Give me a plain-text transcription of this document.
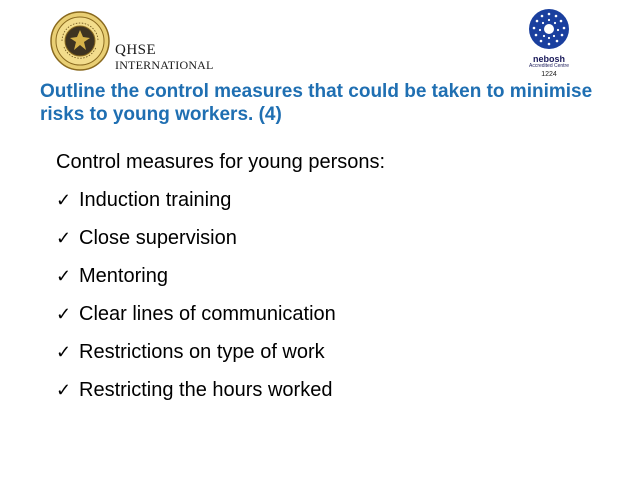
QHSE
INTERNATIONAL	nebosh
Accredited Centre
1224
Outline the control measures that could be taken to minimise risks to young workers. (4)

Control measures for young persons:

✓ Induction training
✓ Close supervision
✓ Mentoring
✓ Clear lines of communication
✓ Restrictions on type of work
✓ Restricting the hours worked
